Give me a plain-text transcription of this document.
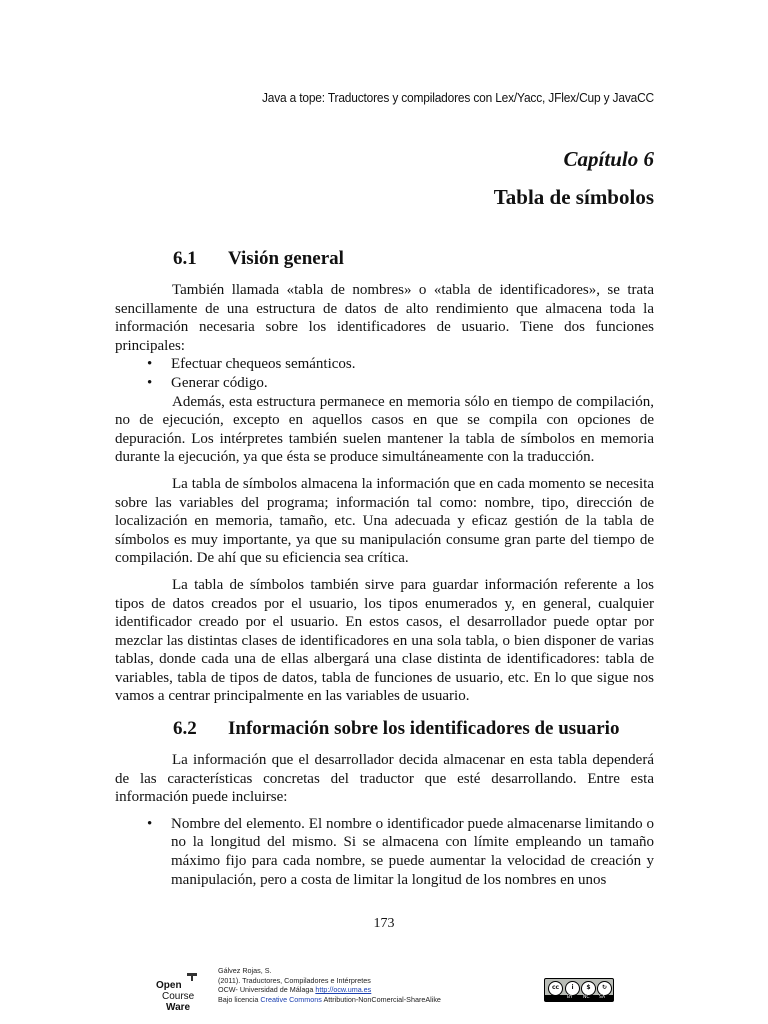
Java a tope: Traductores y compiladores con Lex/Yacc, JFlex/Cup y JavaCC
Capítulo 6
Tabla de símbolos
6.1 Visión general

También llamada «tabla de nombres» o «tabla de identificadores», se trata sencillamente de una estructura de datos de alto rendimiento que almacena toda la información necesaria sobre los identificadores de usuario. Tiene dos funciones principales:

• Efectuar chequeos semánticos.
• Generar código.

Además, esta estructura permanece en memoria sólo en tiempo de compilación, no de ejecución, excepto en aquellos casos en que se compila con opciones de depuración. Los intérpretes también suelen mantener la tabla de símbolos en memoria durante la ejecución, ya que ésta se produce simultáneamente con la traducción.

La tabla de símbolos almacena la información que en cada momento se necesita sobre las variables del programa; información tal como: nombre, tipo, dirección de localización en memoria, tamaño, etc. Una adecuada y eficaz gestión de la tabla de símbolos es muy importante, ya que su manipulación consume gran parte del tiempo de compilación. De ahí que su eficiencia sea crítica.

La tabla de símbolos también sirve para guardar información referente a los tipos de datos creados por el usuario, los tipos enumerados y, en general, cualquier identificador creado por el usuario. En estos casos, el desarrollador puede optar por mezclar las distintas clases de identificadores en una sola tabla, o bien disponer de varias tablas, donde cada una de ellas albergará una clase distinta de identificadores: tabla de variables, tabla de tipos de datos, tabla de funciones de usuario, etc. En lo que sigue nos vamos a centrar principalmente en las variables de usuario.

6.2 Información sobre los identificadores de usuario

La información que el desarrollador decida almacenar en esta tabla dependerá de las características concretas del traductor que esté desarrollando. Entre esta información puede incluirse:

• Nombre del elemento. El nombre o identificador puede almacenarse limitando o no la longitud del mismo. Si se almacena con límite empleando un tamaño máximo fijo para cada nombre, se puede aumentar la velocidad de creación y manipulación, pero a costa de limitar la longitud de los nombres en unos
173
Open
Course
Ware
Gálvez Rojas, S.
(2011). Traductores, Compiladores e Intérpretes
OCW- Universidad de Málaga http://ocw.uma.es
Bajo licencia Creative Commons Attribution-NonComercial-ShareAlike
cc	i	$	↻
BY NC SA
